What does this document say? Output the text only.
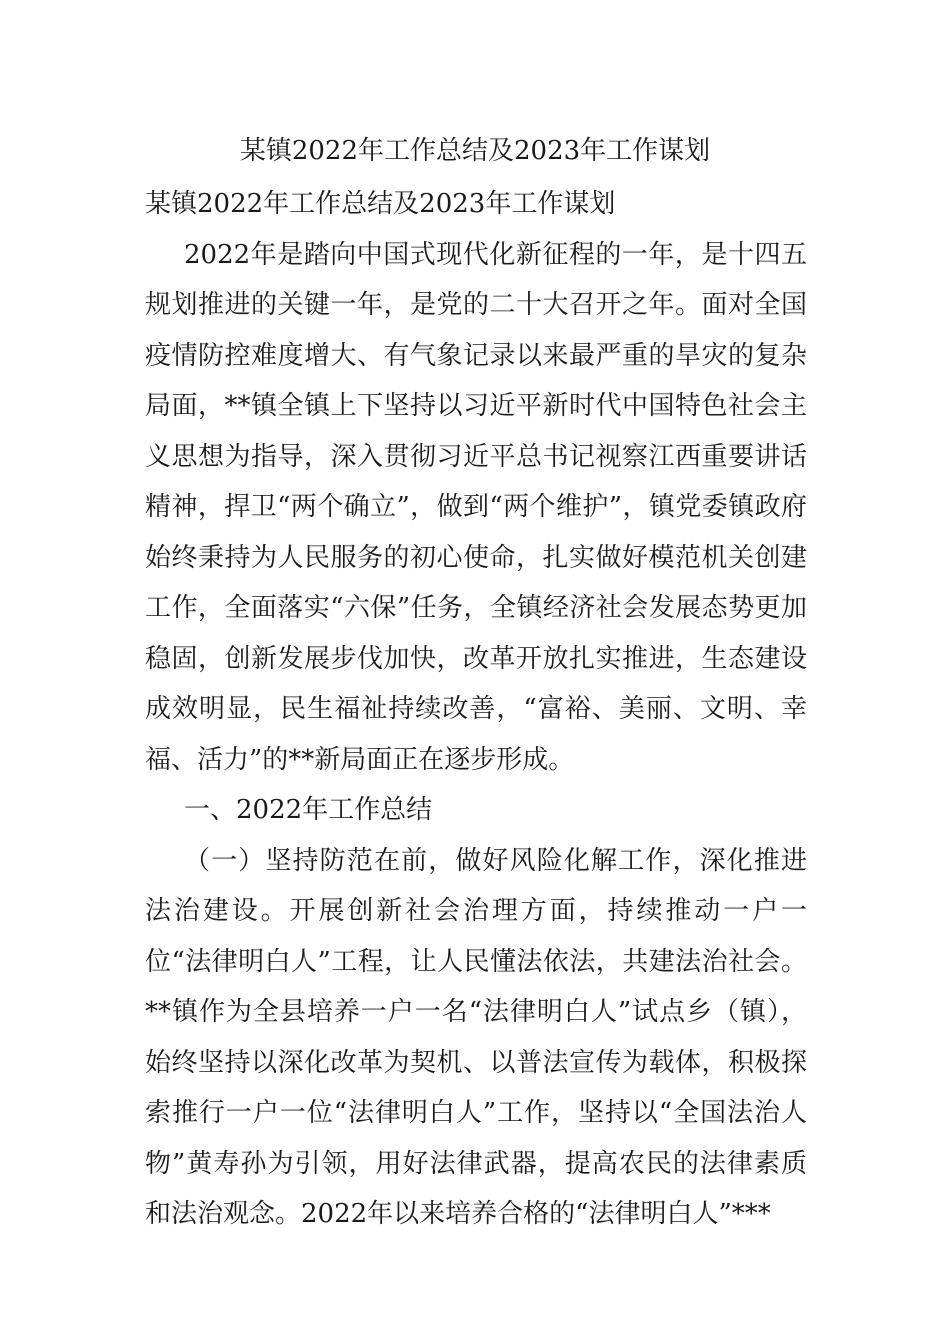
某镇2022年工作总结及2023年工作谋划

某镇2022年工作总结及2023年工作谋划

2022年是踏向中国式现代化新征程的一年，是十四五规划推进的关键一年，是党的二十大召开之年。面对全国疫情防控难度增大、有气象记录以来最严重的旱灾的复杂局面，**镇全镇上下坚持以习近平新时代中国特色社会主义思想为指导，深入贯彻习近平总书记视察江西重要讲话精神，捍卫“两个确立”，做到“两个维护”，镇党委镇政府始终秉持为人民服务的初心使命，扎实做好模范机关创建工作，全面落实“六保”任务，全镇经济社会发展态势更加稳固，创新发展步伐加快，改革开放扎实推进，生态建设成效明显，民生福祉持续改善，“富裕、美丽、文明、幸福、活力”的**新局面正在逐步形成。

一、2022年工作总结

（一）坚持防范在前，做好风险化解工作，深化推进法治建设。开展创新社会治理方面，持续推动一户一位“法律明白人”工程，让人民懂法依法，共建法治社会。**镇作为全县培养一户一名“法律明白人”试点乡（镇），始终坚持以深化改革为契机、以普法宣传为载体，积极探索推行一户一位“法律明白人”工作，坚持以“全国法治人物”黄寿孙为引领，用好法律武器，提高农民的法律素质和法治观念。2022年以来培养合格的“法律明白人”***
